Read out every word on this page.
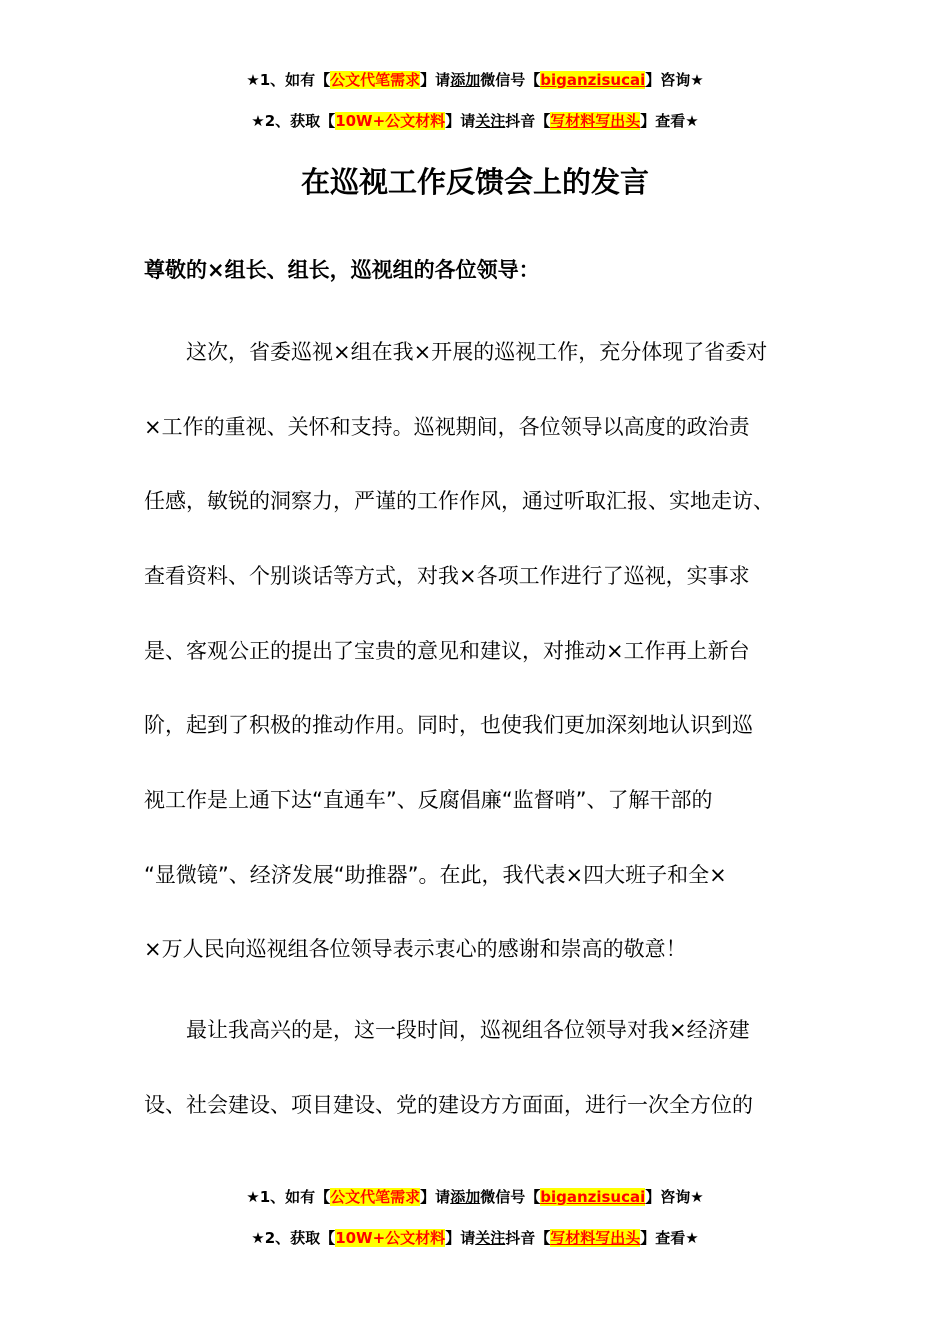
★1、如有【公文代笔需求】请添加微信号【biganzisucai】咨询★
★2、获取【10W+公文材料】请关注抖音【写材料写出头】查看★
在巡视工作反馈会上的发言

尊敬的×组长、组长，巡视组的各位领导：

　　这次，省委巡视×组在我×开展的巡视工作，充分体现了省委对

×工作的重视、关怀和支持。巡视期间，各位领导以高度的政治责

任感，敏锐的洞察力，严谨的工作作风，通过听取汇报、实地走访、

查看资料、个别谈话等方式，对我×各项工作进行了巡视，实事求

是、客观公正的提出了宝贵的意见和建议，对推动×工作再上新台

阶，起到了积极的推动作用。同时，也使我们更加深刻地认识到巡

视工作是上通下达“直通车”、反腐倡廉“监督哨”、了解干部的

“显微镜”、经济发展“助推器”。在此，我代表×四大班子和全×

×万人民向巡视组各位领导表示衷心的感谢和崇高的敬意！

　　最让我高兴的是，这一段时间，巡视组各位领导对我×经济建

设、社会建设、项目建设、党的建设方方面面，进行一次全方位的

★1、如有【公文代笔需求】请添加微信号【biganzisucai】咨询★
★2、获取【10W+公文材料】请关注抖音【写材料写出头】查看★
